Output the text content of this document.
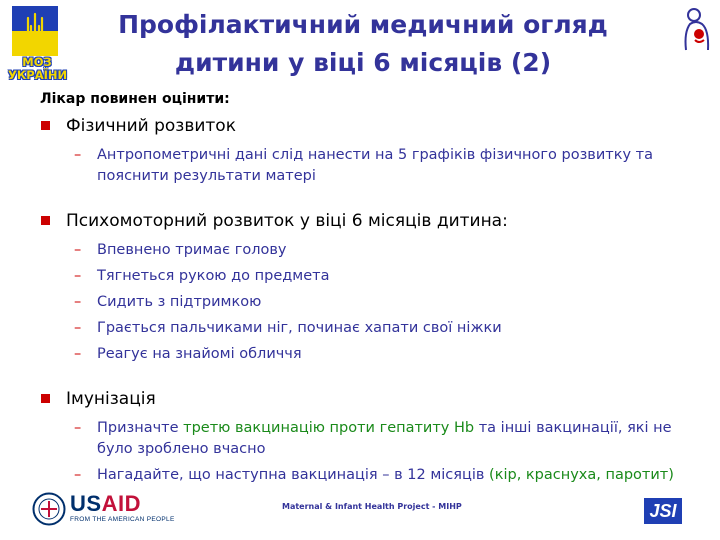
МОЗ
УКРАЇНИ
Профілактичний медичний огляд
дитини у віці 6 місяців (2)
Лікар повинен оцінити:
Фізичний розвиток
– Антропометричні дані слід нанести на 5 графіків фізичного розвитку та пояснити результати матері
Психомоторний розвиток у віці 6 місяців дитина:
– Впевнено тримає голову
– Тягнеться рукою до предмета
– Сидить з підтримкою
– Грається пальчиками ніг, починає хапати свої ніжки
– Реагує на знайомі обличчя
Імунізація
– Призначте третю вакцинацію проти гепатиту Hb та інші вакцинації, які не було зроблено вчасно
– Нагадайте, що наступна вакцинація – в 12 місяців (кір, краснуха, паротит)
USAID
FROM THE AMERICAN PEOPLE
Maternal & Infant Health Project - MIHP	JSI
